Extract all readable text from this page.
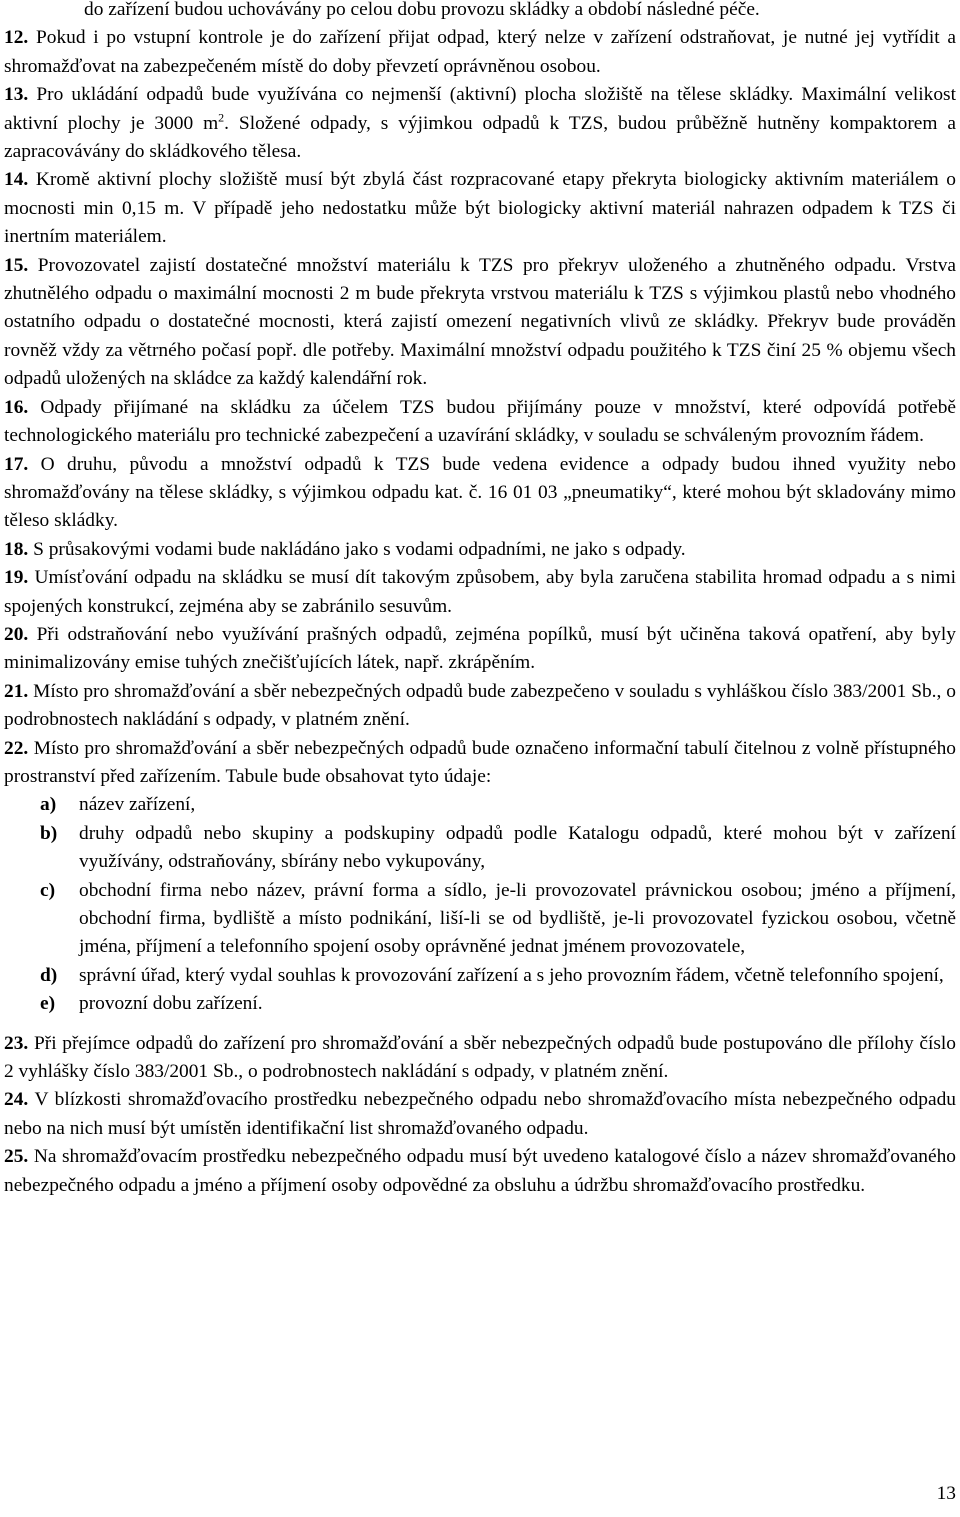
do zařízení budou uchovávány po celou dobu provozu skládky a období následné péče.

12. Pokud i po vstupní kontrole je do zařízení přijat odpad, který nelze v zařízení odstraňovat, je nutné jej vytřídit a shromažďovat na zabezpečeném místě do doby převzetí oprávněnou osobou.

13. Pro ukládání odpadů bude využívána co nejmenší (aktivní) plocha složiště na tělese skládky. Maximální velikost aktivní plochy je 3000 $m^2$. Složené odpady, s výjimkou odpadů k TZS, budou průběžně hutněny kompaktorem a zapracovávány do skládkového tělesa.

14. Kromě aktivní plochy složiště musí být zbylá část rozpracované etapy překryta biologicky aktivním materiálem o mocnosti min 0,15 m. V případě jeho nedostatku může být biologicky aktivní materiál nahrazen odpadem k TZS či inertním materiálem.

15. Provozovatel zajistí dostatečné množství materiálu k TZS pro překryv uloženého a zhutněného odpadu. Vrstva zhutnělého odpadu o maximální mocnosti 2 m bude překryta vrstvou materiálu k TZS s výjimkou plastů nebo vhodného ostatního odpadu o dostatečné mocnosti, která zajistí omezení negativních vlivů ze skládky. Překryv bude prováděn rovněž vždy za větrného počasí popř. dle potřeby. Maximální množství odpadu použitého k TZS činí 25 % objemu všech odpadů uložených na skládce za každý kalendářní rok.

16. Odpady přijímané na skládku za účelem TZS budou přijímány pouze v množství, které odpovídá potřebě technologického materiálu pro technické zabezpečení a uzavírání skládky, v souladu se schváleným provozním řádem.

17. O druhu, původu a množství odpadů k TZS bude vedena evidence a odpady budou ihned využity nebo shromažďovány na tělese skládky, s výjimkou odpadu kat. č. 16 01 03 „pneumatiky“, které mohou být skladovány mimo těleso skládky.

18. S průsakovými vodami bude nakládáno jako s vodami odpadními, ne jako s odpady.

19. Umísťování odpadu na skládku se musí dít takovým způsobem, aby byla zaručena stabilita hromad odpadu a s nimi spojených konstrukcí, zejména aby se zabránilo sesuvům.

20. Při odstraňování nebo využívání prašných odpadů, zejména popílků, musí být učiněna taková opatření, aby byly minimalizovány emise tuhých znečišťujících látek, např. zkrápěním.

21. Místo pro shromažďování a sběr nebezpečných odpadů bude zabezpečeno v souladu s vyhláškou číslo 383/2001 Sb., o podrobnostech nakládání s odpady, v platném znění.

22. Místo pro shromažďování a sběr nebezpečných odpadů bude označeno informační tabulí čitelnou z volně přístupného prostranství před zařízením. Tabule bude obsahovat tyto údaje:

a) název zařízení,
b) druhy odpadů nebo skupiny a podskupiny odpadů podle Katalogu odpadů, které mohou být v zařízení využívány, odstraňovány, sbírány nebo vykupovány,
c) obchodní firma nebo název, právní forma a sídlo, je-li provozovatel právnickou osobou; jméno a příjmení, obchodní firma, bydliště a místo podnikání, liší-li se od bydliště, je-li provozovatel fyzickou osobou, včetně jména, příjmení a telefonního spojení osoby oprávněné jednat jménem provozovatele,
d) správní úřad, který vydal souhlas k provozování zařízení a s jeho provozním řádem, včetně telefonního spojení,
e) provozní dobu zařízení.

23. Při přejímce odpadů do zařízení pro shromažďování a sběr nebezpečných odpadů bude postupováno dle přílohy číslo 2 vyhlášky číslo 383/2001 Sb., o podrobnostech nakládání s odpady, v platném znění.

24. V blízkosti shromažďovacího prostředku nebezpečného odpadu nebo shromažďovacího místa nebezpečného odpadu nebo na nich musí být umístěn identifikační list shromažďovaného odpadu.

25. Na shromažďovacím prostředku nebezpečného odpadu musí být uvedeno katalogové číslo a název shromažďovaného nebezpečného odpadu a jméno a příjmení osoby odpovědné za obsluhu a údržbu shromažďovacího prostředku.

13
